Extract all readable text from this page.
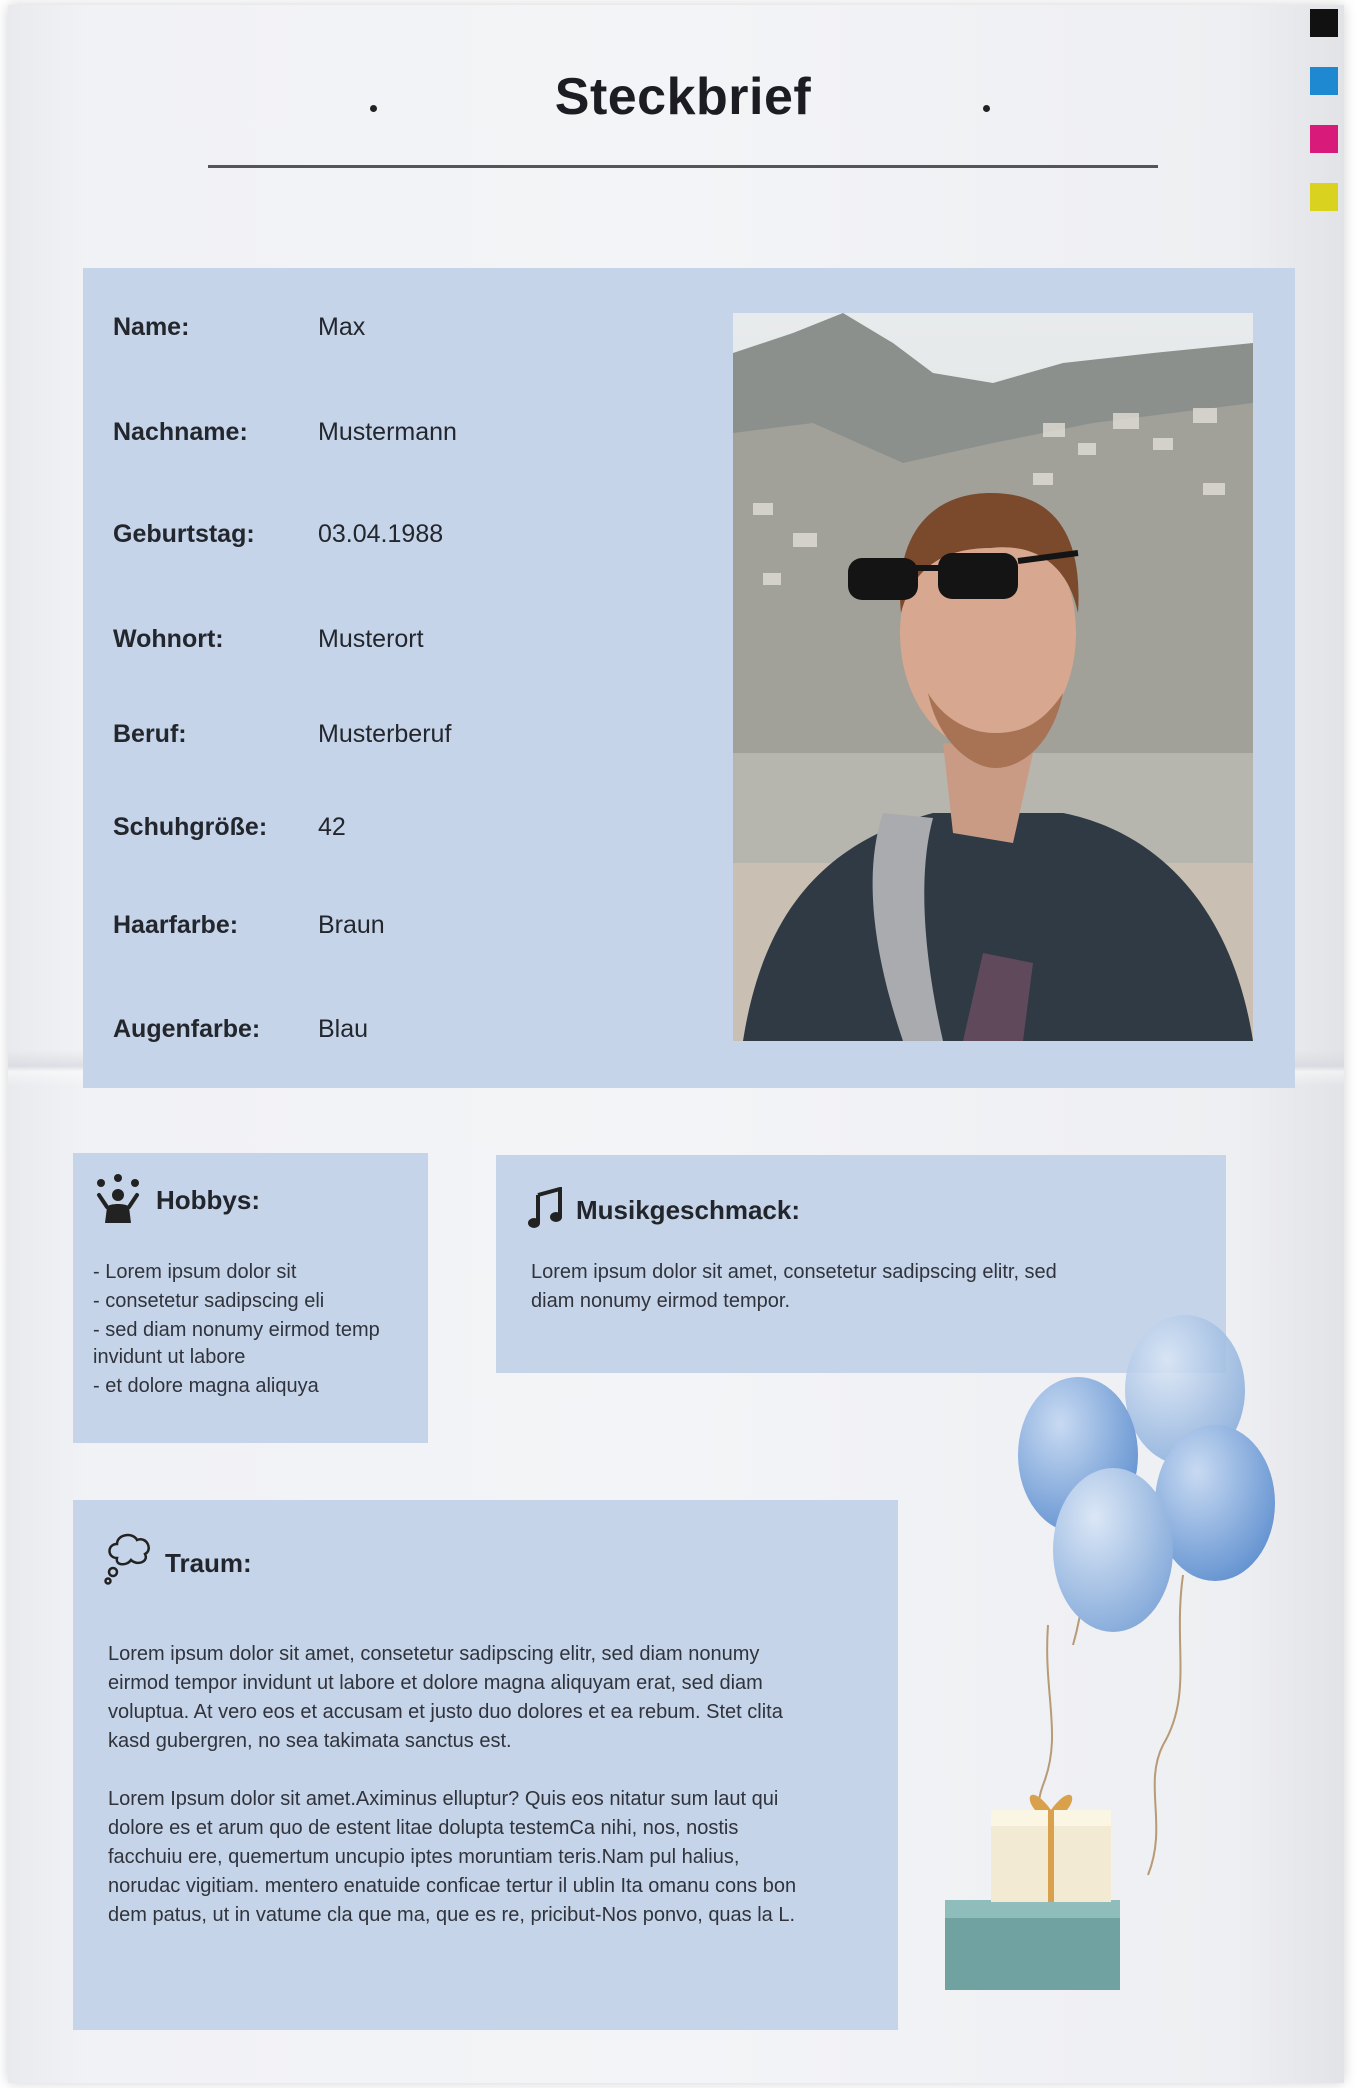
Steckbrief
Name:	Max
Nachname:	Mustermann
Geburtstag:	03.04.1988
Wohnort:	Musterort
Beruf:	Musterberuf
Schuhgröße: 42
Haarfarbe:	Braun
Augenfarbe: Blau
Hobbys:
- Lorem ipsum dolor sit
- consetetur sadipscing eli
- sed diam nonumy eirmod temp
invidunt ut labore
- et dolore magna aliquya
Musikgeschmack:
Lorem ipsum dolor sit amet, consetetur sadipscing elitr, sed diam nonumy eirmod tempor.
Traum:

Lorem ipsum dolor sit amet, consetetur sadipscing elitr, sed diam nonumy eirmod tempor invidunt ut labore et dolore magna aliquyam erat, sed diam voluptua. At vero eos et accusam et justo duo dolores et ea rebum. Stet clita kasd gubergren, no sea takimata sanctus est.

Lorem Ipsum dolor sit amet.Aximinus elluptur? Quis eos nitatur sum laut qui dolore es et arum quo de estent litae dolupta testemCa nihi, nos, nostis facchuiu ere, quemertum uncupio iptes moruntiam teris.Nam pul halius, norudac vigitiam. mentero enatuide conficae tertur il ublin Ita omanu cons bon dem patus, ut in vatume cla que ma, que es re, pricibut-Nos ponvo, quas la L.
